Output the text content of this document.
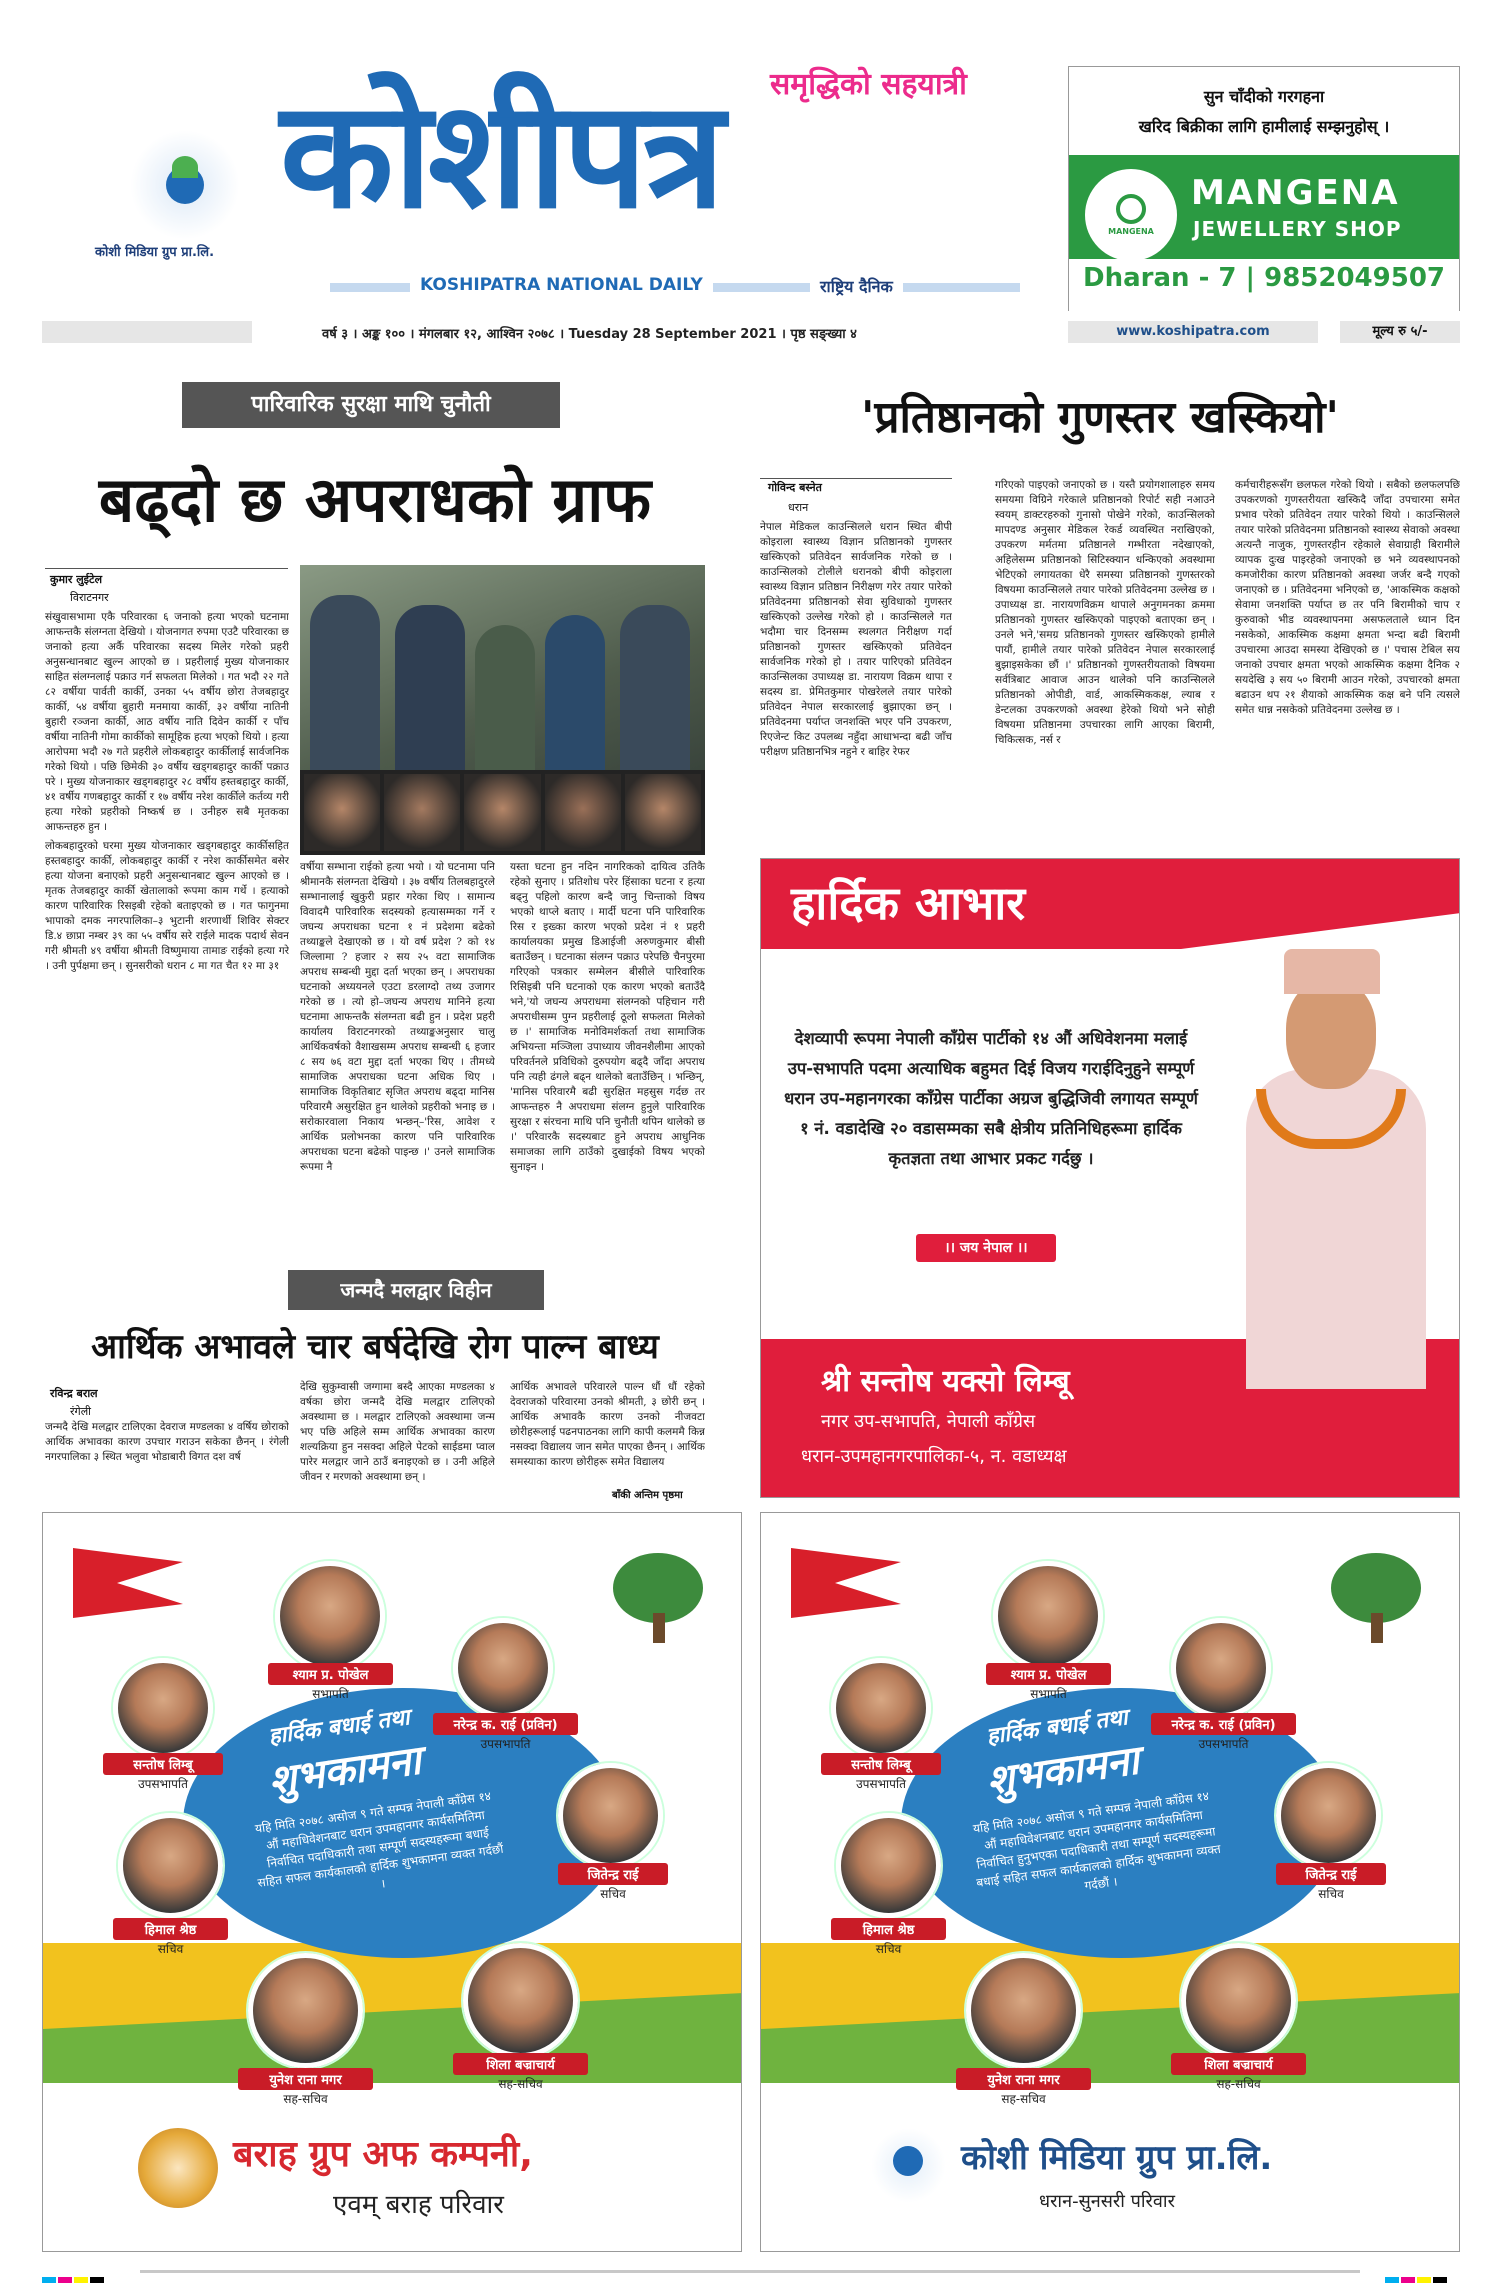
कोशी मिडिया ग्रुप प्रा.लि.
समृद्धिको सहयात्री
कोशीपत्र
KOSHIPATRA NATIONAL DAILY	राष्ट्रिय दैनिक
सुन चाँदीको गरगहना
खरिद बिक्रीका लागि हामीलाई सम्झनुहोस् ।
MANGENA
MANGENA
JEWELLERY SHOP
Dharan - 7 | 9852049507
वर्ष ३ । अङ्क १०० । मंगलबार १२, आश्विन २०७८ । Tuesday 28 September 2021 । पृष्ठ सङ्ख्या ४	www.koshipatra.com	मूल्य रु ५/-
पारिवारिक सुरक्षा माथि चुनौती
बढ्दो छ अपराधको ग्राफ
कुमार लुईटेल
विराटनगर

संखुवासभामा एकै परिवारका ६ जनाको हत्या भएको घटनामा आफन्तकै संलग्नता देखियो । योजनागत रुपमा एउटै परिवारका छ जनाको हत्या अर्कै परिवारका सदस्य मिलेर गरेको प्रहरी अनुसन्धानबाट खुल्न आएको छ । प्रहरीलाई मुख्य योजनाकार साहित संलग्नलाई पक्राउ गर्न सफलता मिलेको । गत भदौ २२ गते ८२ वर्षीया पार्वती कार्की, उनका ५५ वर्षीय छोरा तेजबहादुर कार्की, ५४ वर्षीया बुहारी मनमाया कार्की, ३२ वर्षीया नातिनी बुहारी रञ्जना कार्की, आठ वर्षीय नाति दिवेन कार्की र पाँच वर्षीया नातिनी गोमा कार्कीको सामूहिक हत्या भएको थियो । हत्या आरोपमा भदौ २७ गते प्रहरीले लोकबहादुर कार्कीलाई सार्वजनिक गरेको थियो । पछि छिमेकी ३० वर्षीय खड्गबहादुर कार्की पक्राउ परे । मुख्य योजनाकार खड्गबहादुर २८ वर्षीय हस्तबहादुर कार्की, ४१ वर्षीय गणबहादुर कार्की र १७ वर्षीय नरेश कार्कीले कर्तव्य गरी हत्या गरेको प्रहरीको निष्कर्ष छ । उनीहरु सबै मृतकका आफन्तहरु हुन ।

लोकबहादुरको घरमा मुख्य योजनाकार खड्गबहादुर कार्कीसहित हस्तबहादुर कार्की, लोकबहादुर कार्की र नरेश कार्कीसमेत बसेर हत्या योजना बनाएको प्रहरी अनुसन्धानबाट खुल्न आएको छ । मृतक तेजबहादुर कार्की खेतालाको रूपमा काम गर्थे । हत्याको कारण पारिवारिक रिसइबी रहेको बताइएको छ । गत फागुनमा भापाको दमक नगरपालिका–३ भुटानी शरणार्थी शिविर सेक्टर डि.४ छाप्रा नम्बर ३९ का ५५ वर्षीय सरे राईले मादक पदार्थ सेवन गरी श्रीमती ४९ वर्षीया श्रीमती विष्णुमाया तामाङ राईको हत्या गरे । उनी पुर्पक्षमा छन् । सुनसरीको धरान ८ मा गत चैत १२ मा ३१

वर्षीया सम्भाना राईको हत्या भयो । यो घटनामा पनि श्रीमानकै संलग्नता देखियो । ३७ वर्षीय तिलबहादुरले सम्भानालाई खुकुरी प्रहार गरेका थिए । सामान्य विवादमै पारिवारिक सदस्यको हत्यासम्मका गर्ने र जघन्य अपराधका घटना १ नं प्रदेशमा बढेको तथ्याङ्कले देखाएको छ । यो वर्ष प्रदेश ? को १४ जिल्लामा ? हजार २ सय २५ वटा सामाजिक अपराध सम्बन्धी मुद्दा दर्ता भएका छन् । अपराधका घटनाको अध्ययनले एउटा डरलाग्दो तथ्य उजागर गरेको छ । त्यो हो–जघन्य अपराध मानिने हत्या घटनामा आफन्तकै संलग्नता बढी हुन । प्रदेश प्रहरी कार्यालय विराटनगरको तथ्याङ्कअनुसार चालु आर्थिकवर्षको वैशाखसम्म अपराध सम्बन्धी ६ हजार ८ सय ७६ वटा मुद्दा दर्ता भएका थिए । तीमध्ये सामाजिक अपराधका घटना अधिक थिए । सामाजिक विकृतिबाट सृजित अपराध बढ्दा मानिस परिवारमै असुरक्षित हुन थालेको प्रहरीको भनाइ छ । सरोकारवाला निकाय भन्छन्–'रिस, आवेश र आर्थिक प्रलोभनका कारण पनि पारिवारिक अपराधका घटना बढेको पाइन्छ ।' उनले सामाजिक रूपमा नै

यस्ता घटना हुन नदिन नागरिकको दायित्व उतिकै रहेको सुनाए । प्रतिशोध परेर हिंसाका घटना र हत्या बढ्नु पहिलो कारण बन्दै जानु चिन्ताको विषय भएको थाप्ले बताए । मार्दी घटना पनि पारिवारिक रिस र इख्का कारण भएको प्रदेश नं १ प्रहरी कार्यालयका प्रमुख डिआईजी अरुणकुमार बीसी बताउँछन् । घटनाका संलग्न पक्राउ परेपछि चैनपुरमा गरिएको पत्रकार सम्मेलन बीसीले पारिवारिक रिसिइबी पनि घटनाको एक कारण भएको बताउँदै भने,'यो जघन्य अपराधमा संलग्नको पहिचान गरी अपराधीसम्म पुग्न प्रहरीलाई ठूलो सफलता मिलेको छ ।' सामाजिक मनोविमर्शकर्ता तथा सामाजिक अभियन्ता मञ्जिला उपाध्याय जीवनशैलीमा आएको परिवर्तनले प्रविधिको दुरुपयोग बढ्दै जाँदा अपराध पनि त्यही ढंगले बढ्न थालेको बताउँछिन् । भन्छिन्, 'मानिस परिवारमै बढी सुरक्षित महसुस गर्दछ तर आफन्तहरु नै अपराधमा संलग्न हुनुले पारिवारिक सुरक्षा र संरचना माथि पनि चुनौती थपिन थालेको छ ।' परिवारकै सदस्यबाट हुने अपराध आधुनिक समाजका लागि ठाउँको दुखाईको विषय भएको सुनाइन ।

जन्मदै मलद्वार विहीन
आर्थिक अभावले चार बर्षदेखि रोग पाल्न बाध्य
रविन्द्र बराल
रंगेली

जन्मदै देखि मलद्वार टालिएका देवराज मण्डलका ४ वर्षिय छोराको आर्थिक अभावका कारण उपचार गराउन सकेका छैनन् । रंगेली नगरपालिका ३ स्थित भलुवा भोडाबारी विगत दश वर्ष

देखि सुकुम्वासी जग्गामा बस्दै आएका मण्डलका ४ वर्षका छोरा जन्मदै देखि मलद्वार टालिएको अवस्थामा छ । मलद्वार टालिएको अवस्थामा जन्म भए पछि अहिले सम्म आर्थिक अभावका कारण शल्यक्रिया हुन नसक्दा अहिले पेटको साईडमा प्वाल पारेर मलद्वार जाने ठाउँ बनाइएको छ । उनी अहिले जीवन र मरणको अवस्थामा छन् ।

आर्थिक अभावले परिवारले पाल्न धौं धौं रहेको देवराजको परिवारमा उनको श्रीमती, ३ छोरी छन् । आर्थिक अभावकै कारण उनको नीजवटा छोरीहरूलाई पढनपाठनका लागि कापी कलममै किन्न नसक्दा विद्यालय जान समेत पाएका छैनन् । आर्थिक समस्याका कारण छोरीहरू समेत विद्यालय

बाँकी अन्तिम पृष्ठमा
'प्रतिष्ठानको गुणस्तर खस्कियो'
गोविन्द बस्नेत
धरान

नेपाल मेडिकल काउन्सिलले धरान स्थित बीपी कोइराला स्वास्थ्य विज्ञान प्रतिष्ठानको गुणस्तर खस्किएको प्रतिवेदन सार्वजनिक गरेको छ । काउन्सिलको टोलीले धरानको बीपी कोइराला स्वास्थ्य विज्ञान प्रतिष्ठान निरीक्षण गरेर तयार पारेको प्रतिवेदनमा प्रतिष्ठानको सेवा सुविधाको गुणस्तर खस्किएको उल्लेख गरेको हो । काउन्सिलले गत भदौमा चार दिनसम्म स्थलगत निरीक्षण गर्दा प्रतिष्ठानको गुणस्तर खस्किएको प्रतिवेदन सार्वजनिक गरेको हो । तयार पारिएको प्रतिवेदन काउन्सिलका उपाध्यक्ष डा. नारायण विक्रम थापा र सदस्य डा. प्रेमितकुमार पोखरेलले तयार पारेको प्रतिवेदन नेपाल सरकारलाई बुझाएका छन् । प्रतिवेदनमा पर्याप्त जनशक्ति भएर पनि उपकरण, रिएजेन्ट किट उपलब्ध नहुँदा आधाभन्दा बढी जाँच परीक्षण प्रतिष्ठानभित्र नहुने र बाहिर रेफर

गरिएको पाइएको जनाएको छ । यस्तै प्रयोगशालाहरु समय समयमा विग्रिने गरेकाले प्रतिष्ठानको रिपोर्ट सही नआउने स्वयम् डाक्टरहरुको गुनासो पोखेने गरेको, काउन्सिलको मापदण्ड अनुसार मेडिकल रेकर्ड व्यवस्थित नराखिएको, उपकरण मर्मतमा प्रतिष्ठानले गम्भीरता नदेखाएको, अहिलेसम्म प्रतिष्ठानको सिटिस्क्यान धन्किएको अवस्थामा भेटिएको लगायतका धेरै समस्या प्रतिष्ठानको गुणस्तरको विषयमा काउन्सिलले तयार पारेको प्रतिवेदनमा उल्लेख छ । उपाध्यक्ष डा. नारायणविक्रम थापाले अनुगमनका क्रममा प्रतिष्ठानको गुणस्तर खस्किएको पाइएको बताएका छन् । उनले भने,'समग्र प्रतिष्ठानको गुणस्तर खस्किएको हामीले पायौं, हामीले तयार पारेको प्रतिवेदन नेपाल सरकारलाई बुझाइसकेका छौं ।' प्रतिष्ठानको गुणस्तरीयताको विषयमा सर्वत्रिबाट आवाज आउन थालेको पनि काउन्सिलले प्रतिष्ठानको ओपीडी, वार्ड, आकस्मिककक्ष, ल्याब र डेन्टलका उपकरणको अवस्था हेरेको थियो भने सोही विषयमा प्रतिष्ठानमा उपचारका लागि आएका बिरामी, चिकित्सक, नर्स र

कर्मचारीहरूसँग छलफल गरेको थियो । सबैको छलफलपछि उपकरणको गुणस्तरीयता खस्किदै जाँदा उपचारमा समेत प्रभाव परेको प्रतिवेदन तयार पारेको थियो । काउन्सिलले तयार पारेको प्रतिवेदनमा प्रतिष्ठानको स्वास्थ्य सेवाको अवस्था अत्यन्तै नाजुक, गुणस्तरहीन रहेकाले सेवाग्राही बिरामीले व्यापक दुःख पाइरहेको जनाएको छ भने व्यवस्थापनको कमजोरीका कारण प्रतिष्ठानको अवस्था जर्जर बन्दै गएको जनाएको छ । प्रतिवेदनमा भनिएको छ, 'आकस्मिक कक्षको सेवामा जनशक्ति पर्याप्त छ तर पनि बिरामीको चाप र कुरुवाको भीड व्यवस्थापनमा असफलताले ध्यान दिन नसकेको, आकस्मिक कक्षमा क्षमता भन्दा बढी बिरामी उपचारमा आउदा समस्या देखिएको छ ।' पचास टेबिल सय जनाको उपचार क्षमता भएको आकस्मिक कक्षमा दैनिक २ सयदेखि ३ सय ५० बिरामी आउन गरेको, उपचारको क्षमता बढाउन थप २१ शैयाको आकस्मिक कक्ष बने पनि त्यसले समेत धान्न नसकेको प्रतिवेदनमा उल्लेख छ ।

हार्दिक आभार
देशव्यापी रूपमा नेपाली काँग्रेस पार्टीको १४ औं अधिवेशनमा मलाई उप-सभापति पदमा अत्याधिक बहुमत दिई विजय गराईदिनुहुने सम्पूर्ण धरान उप-महानगरका काँग्रेस पार्टीका अग्रज बुद्धिजिवी लगायत सम्पूर्ण १ नं. वडादेखि २० वडासम्मका सबै क्षेत्रीय प्रतिनिधिहरूमा हार्दिक कृतज्ञता तथा आभार प्रकट गर्दछु ।
।। जय नेपाल ।।
श्री सन्तोष यक्सो लिम्बू
नगर उप-सभापति, नेपाली काँग्रेस
धरान-उपमहानगरपालिका-५, न. वडाध्यक्ष
श्याम प्र. पोखेल
सभापति
नरेन्द्र क. राई (प्रविन)
उपसभापति
सन्तोष लिम्बू
उपसभापति
जितेन्द्र राई
सचिव
हिमाल श्रेष्ठ
सचिव
युनेश राना मगर
सह-सचिव
शिला बज्राचार्य
सह-सचिव
हार्दिक बधाई तथा
शुभकामना
यहि मिति २०७८ असोज ९ गते सम्पन्न नेपाली काँग्रेस १४ औं महाधिवेशनबाट धरान उपमहानगर कार्यसमितिमा निर्वाचित पदाधिकारी तथा सम्पूर्ण सदस्यहरूमा बधाई सहित सफल कार्यकालको हार्दिक शुभकामना व्यक्त गर्दछौं ।
बराह ग्रुप अफ कम्पनी,
एवम् बराह परिवार
श्याम प्र. पोखेल
सभापति
नरेन्द्र क. राई (प्रविन)
उपसभापति
सन्तोष लिम्बू
उपसभापति
जितेन्द्र राई
सचिव
हिमाल श्रेष्ठ
सचिव
युनेश राना मगर
सह-सचिव
शिला बज्राचार्य
सह-सचिव
हार्दिक बधाई तथा
शुभकामना
यहि मिति २०७८ असोज ९ गते सम्पन्न नेपाली काँग्रेस १४ औं महाधिवेशनबाट धरान उपमहानगर कार्यसमितिमा निर्वाचित हुनुभएका पदाधिकारी तथा सम्पूर्ण सदस्यहरूमा बधाई सहित सफल कार्यकालको हार्दिक शुभकामना व्यक्त गर्दछौं ।
कोशी मिडिया ग्रुप प्रा.लि.
धरान-सुनसरी परिवार
